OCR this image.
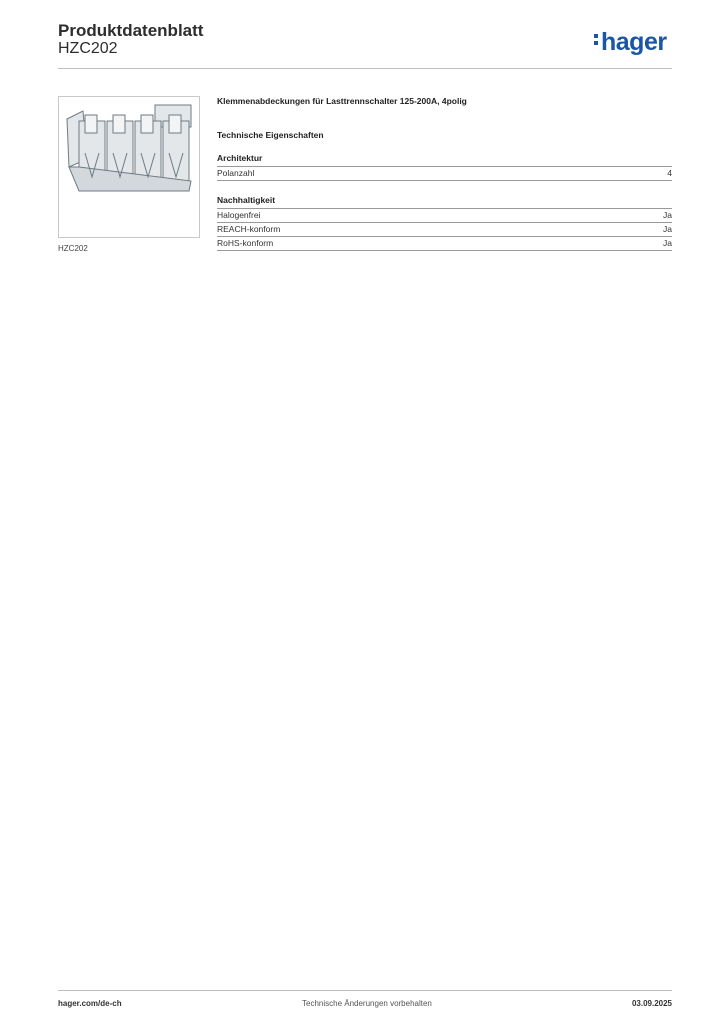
Produktdatenblatt
HZC202	hager
HZC202
Klemmenabdeckungen für Lasttrennschalter 125-200A, 4polig
Technische Eigenschaften
Architektur
Polanzahl	4
Nachhaltigkeit
Halogenfrei	Ja
REACH-konform	Ja
RoHS-konform	Ja
hager.com/de-ch	Technische Änderungen vorbehalten	03.09.2025
